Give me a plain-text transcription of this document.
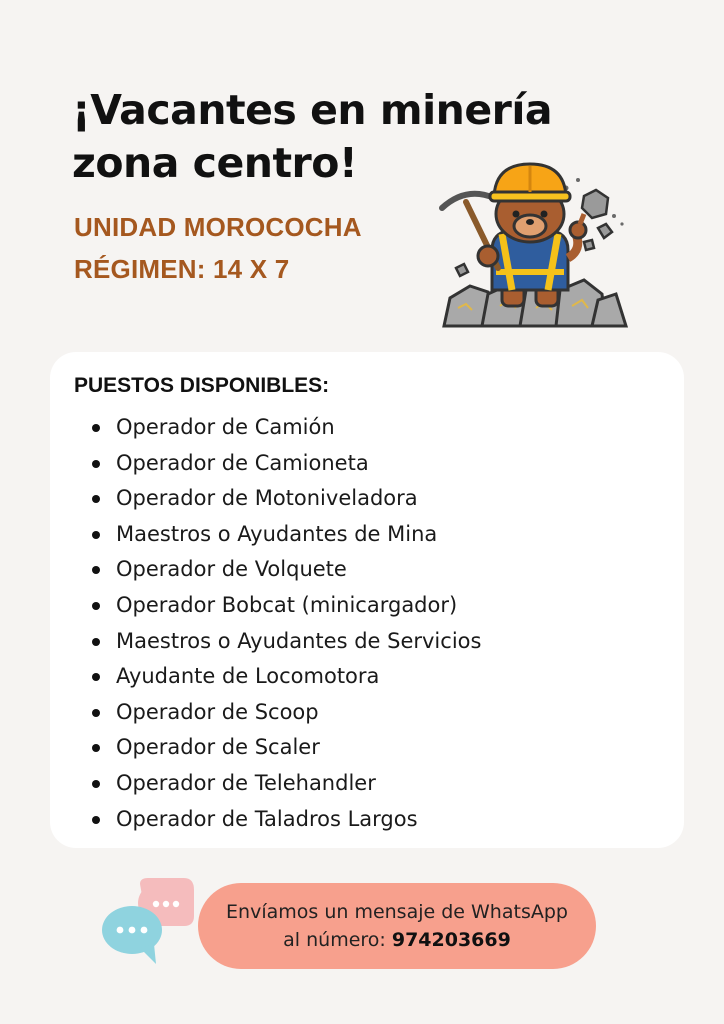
¡Vacantes en minería
zona centro!
UNIDAD MOROCOCHA
RÉGIMEN: 14 X 7
PUESTOS DISPONIBLES:
Operador de Camión
Operador de Camioneta
Operador de Motoniveladora
Maestros o Ayudantes de Mina
Operador de Volquete
Operador Bobcat (minicargador)
Maestros o Ayudantes de Servicios
Ayudante de Locomotora
Operador de Scoop
Operador de Scaler
Operador de Telehandler
Operador de Taladros Largos
Envíamos un mensaje de WhatsApp
al número: 974203669
